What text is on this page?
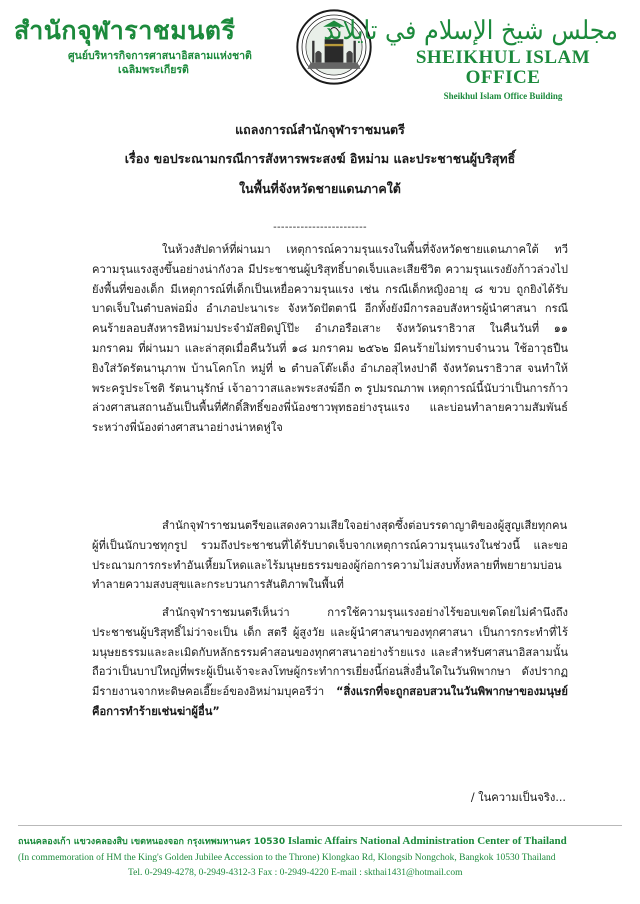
สำนักจุฬาราชมนตรี
ศูนย์บริหารกิจการศาสนาอิสลามแห่งชาติ
เฉลิมพระเกียรติ
مجلس شيخ الإسلام في تايلاند
SHEIKHUL ISLAM OFFICE
Sheikhul Islam Office Building
แถลงการณ์สำนักจุฬาราชมนตรี
เรื่อง ขอประณามกรณีการสังหารพระสงฆ์ อิหม่าม และประชาชนผู้บริสุทธิ์
ในพื้นที่จังหวัดชายแดนภาคใต้
------------------------
ในห้วงสัปดาห์ที่ผ่านมา เหตุการณ์ความรุนแรงในพื้นที่จังหวัดชายแดนภาคใต้ ทวีความรุนแรงสูงขึ้นอย่างน่ากังวล มีประชาชนผู้บริสุทธิ์บาดเจ็บและเสียชีวิต ความรุนแรงยังก้าวล่วงไปยังพื้นที่ของเด็ก มีเหตุการณ์ที่เด็กเป็นเหยื่อความรุนแรง เช่น กรณีเด็กหญิงอายุ ๘ ขวบ ถูกยิงได้รับบาดเจ็บในตำบลพ่อมิ่ง อำเภอปะนาเระ จังหวัดปัตตานี อีกทั้งยังมีการลอบสังหารผู้นำศาสนา กรณีคนร้ายลอบสังหารอิหม่ามประจำมัสยิดปูโป๊ะ อำเภอรือเสาะ จังหวัดนราธิวาส ในคืนวันที่ ๑๑ มกราคม ที่ผ่านมา และล่าสุดเมื่อคืนวันที่ ๑๘ มกราคม ๒๕๖๒ มีคนร้ายไม่ทราบจำนวน ใช้อาวุธปืนยิงใส่วัดรัตนานุภาพ บ้านโคกโก หมู่ที่ ๒ ตำบลโต๊ะเด็ง อำเภอสุไหงปาดี จังหวัดนราธิวาส จนทำให้พระครูประโชติ รัตนานุรักษ์ เจ้าอาวาสและพระสงฆ์อีก ๓ รูปมรณภาพ เหตุการณ์นี้นับว่าเป็นการก้าวล่วงศาสนสถานอันเป็นพื้นที่ศักดิ์สิทธิ์ของพี่น้องชาวพุทธอย่างรุนแรง และบ่อนทำลายความสัมพันธ์ระหว่างพี่น้องต่างศาสนาอย่างน่าหดหู่ใจ
สำนักจุฬาราชมนตรีขอแสดงความเสียใจอย่างสุดซึ้งต่อบรรดาญาติของผู้สูญเสียทุกคน ผู้ที่เป็นนักบวชทุกรูป รวมถึงประชาชนที่ได้รับบาดเจ็บจากเหตุการณ์ความรุนแรงในช่วงนี้ และขอประณามการกระทำอันเหี้ยมโหดและไร้มนุษยธรรมของผู้ก่อการความไม่สงบทั้งหลายที่พยายามบ่อนทำลายความสงบสุขและกระบวนการสันติภาพในพื้นที่
สำนักจุฬาราชมนตรีเห็นว่า การใช้ความรุนแรงอย่างไร้ขอบเขตโดยไม่คำนึงถึงประชาชนผู้บริสุทธิ์ไม่ว่าจะเป็น เด็ก สตรี ผู้สูงวัย และผู้นำศาสนาของทุกศาสนา เป็นการกระทำที่ไร้มนุษยธรรมและละเมิดกับหลักธรรมคำสอนของทุกศาสนาอย่างร้ายแรง และสำหรับศาสนาอิสลามนั้น ถือว่าเป็นบาปใหญ่ที่พระผู้เป็นเจ้าจะลงโทษผู้กระทำการเยี่ยงนี้ก่อนสิ่งอื่นใดในวันพิพากษา ดังปรากฏมีรายงานจากหะดิษคอเอี๊ยะอ์ของอิหม่ามบุคอรีว่า “สิ่งแรกที่จะถูกสอบสวนในวันพิพากษาของมนุษย์ คือการทำร้ายเช่นฆ่าผู้อื่น”
/ ในความเป็นจริง...
ถนนคลองเก้า แขวงคลองสิบ เขตหนองจอก กรุงเทพมหานคร 10530 Islamic Affairs National Administration Center of Thailand
(In commemoration of HM the King's Golden Jubilee Accession to the Throne) Klongkao Rd, Klongsib Nongchok, Bangkok 10530 Thailand
Tel. 0-2949-4278, 0-2949-4312-3 Fax : 0-2949-4220 E-mail : skthai1431@hotmail.com
